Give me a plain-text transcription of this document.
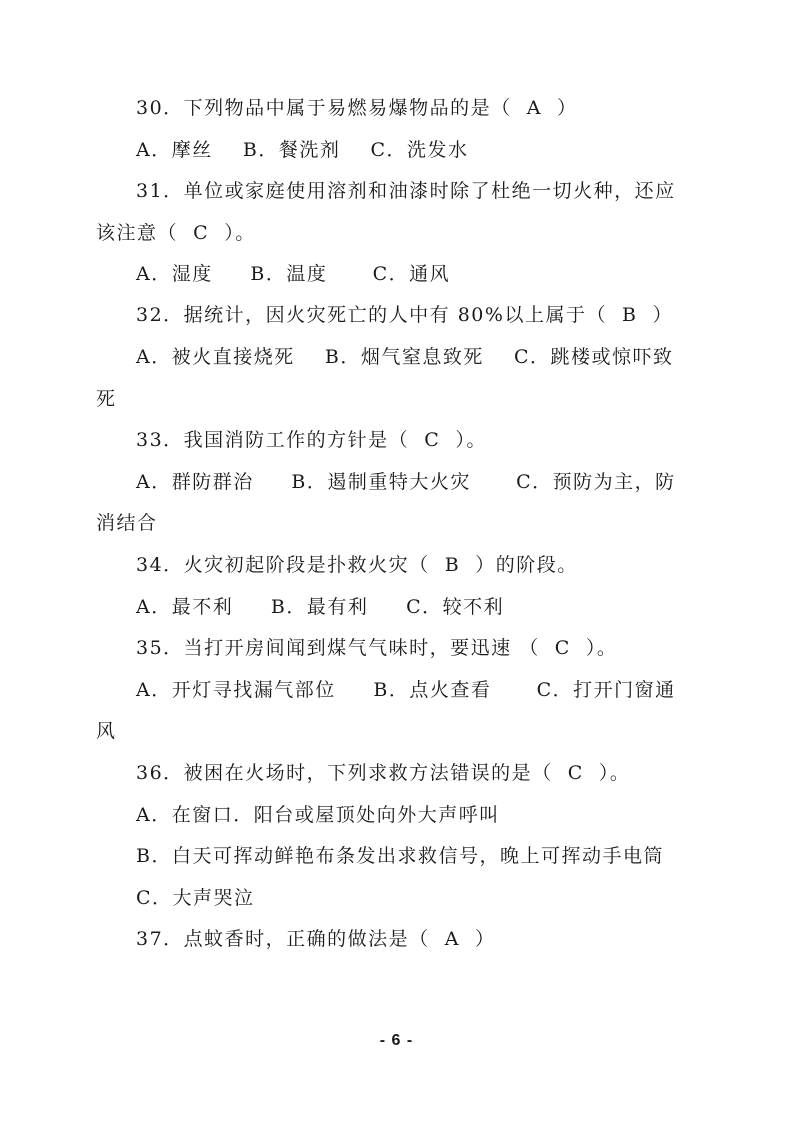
30．下列物品中属于易燃易爆物品的是（  A  ）
A．摩丝    B．餐洗剂    C．洗发水
31．单位或家庭使用溶剂和油漆时除了杜绝一切火种，还应
该注意（  C  ）。
A．湿度     B．温度      C．通风
32．据统计，因火灾死亡的人中有 80%以上属于（  B  ）
A．被火直接烧死    B．烟气窒息致死    C．跳楼或惊吓致
死
33．我国消防工作的方针是（  C  ）。
A．群防群治     B．遏制重特大火灾      C．预防为主，防
消结合
34．火灾初起阶段是扑救火灾（  B  ）的阶段。
A．最不利     B．最有利     C．较不利
35．当打开房间闻到煤气气味时，要迅速 （  C  ）。
A．开灯寻找漏气部位     B．点火查看      C．打开门窗通
风
36．被困在火场时，下列求救方法错误的是（  C  ）。
A．在窗口．阳台或屋顶处向外大声呼叫
B．白天可挥动鲜艳布条发出求救信号，晚上可挥动手电筒
C．大声哭泣
37．点蚊香时，正确的做法是（  A  ）
- 6 -
